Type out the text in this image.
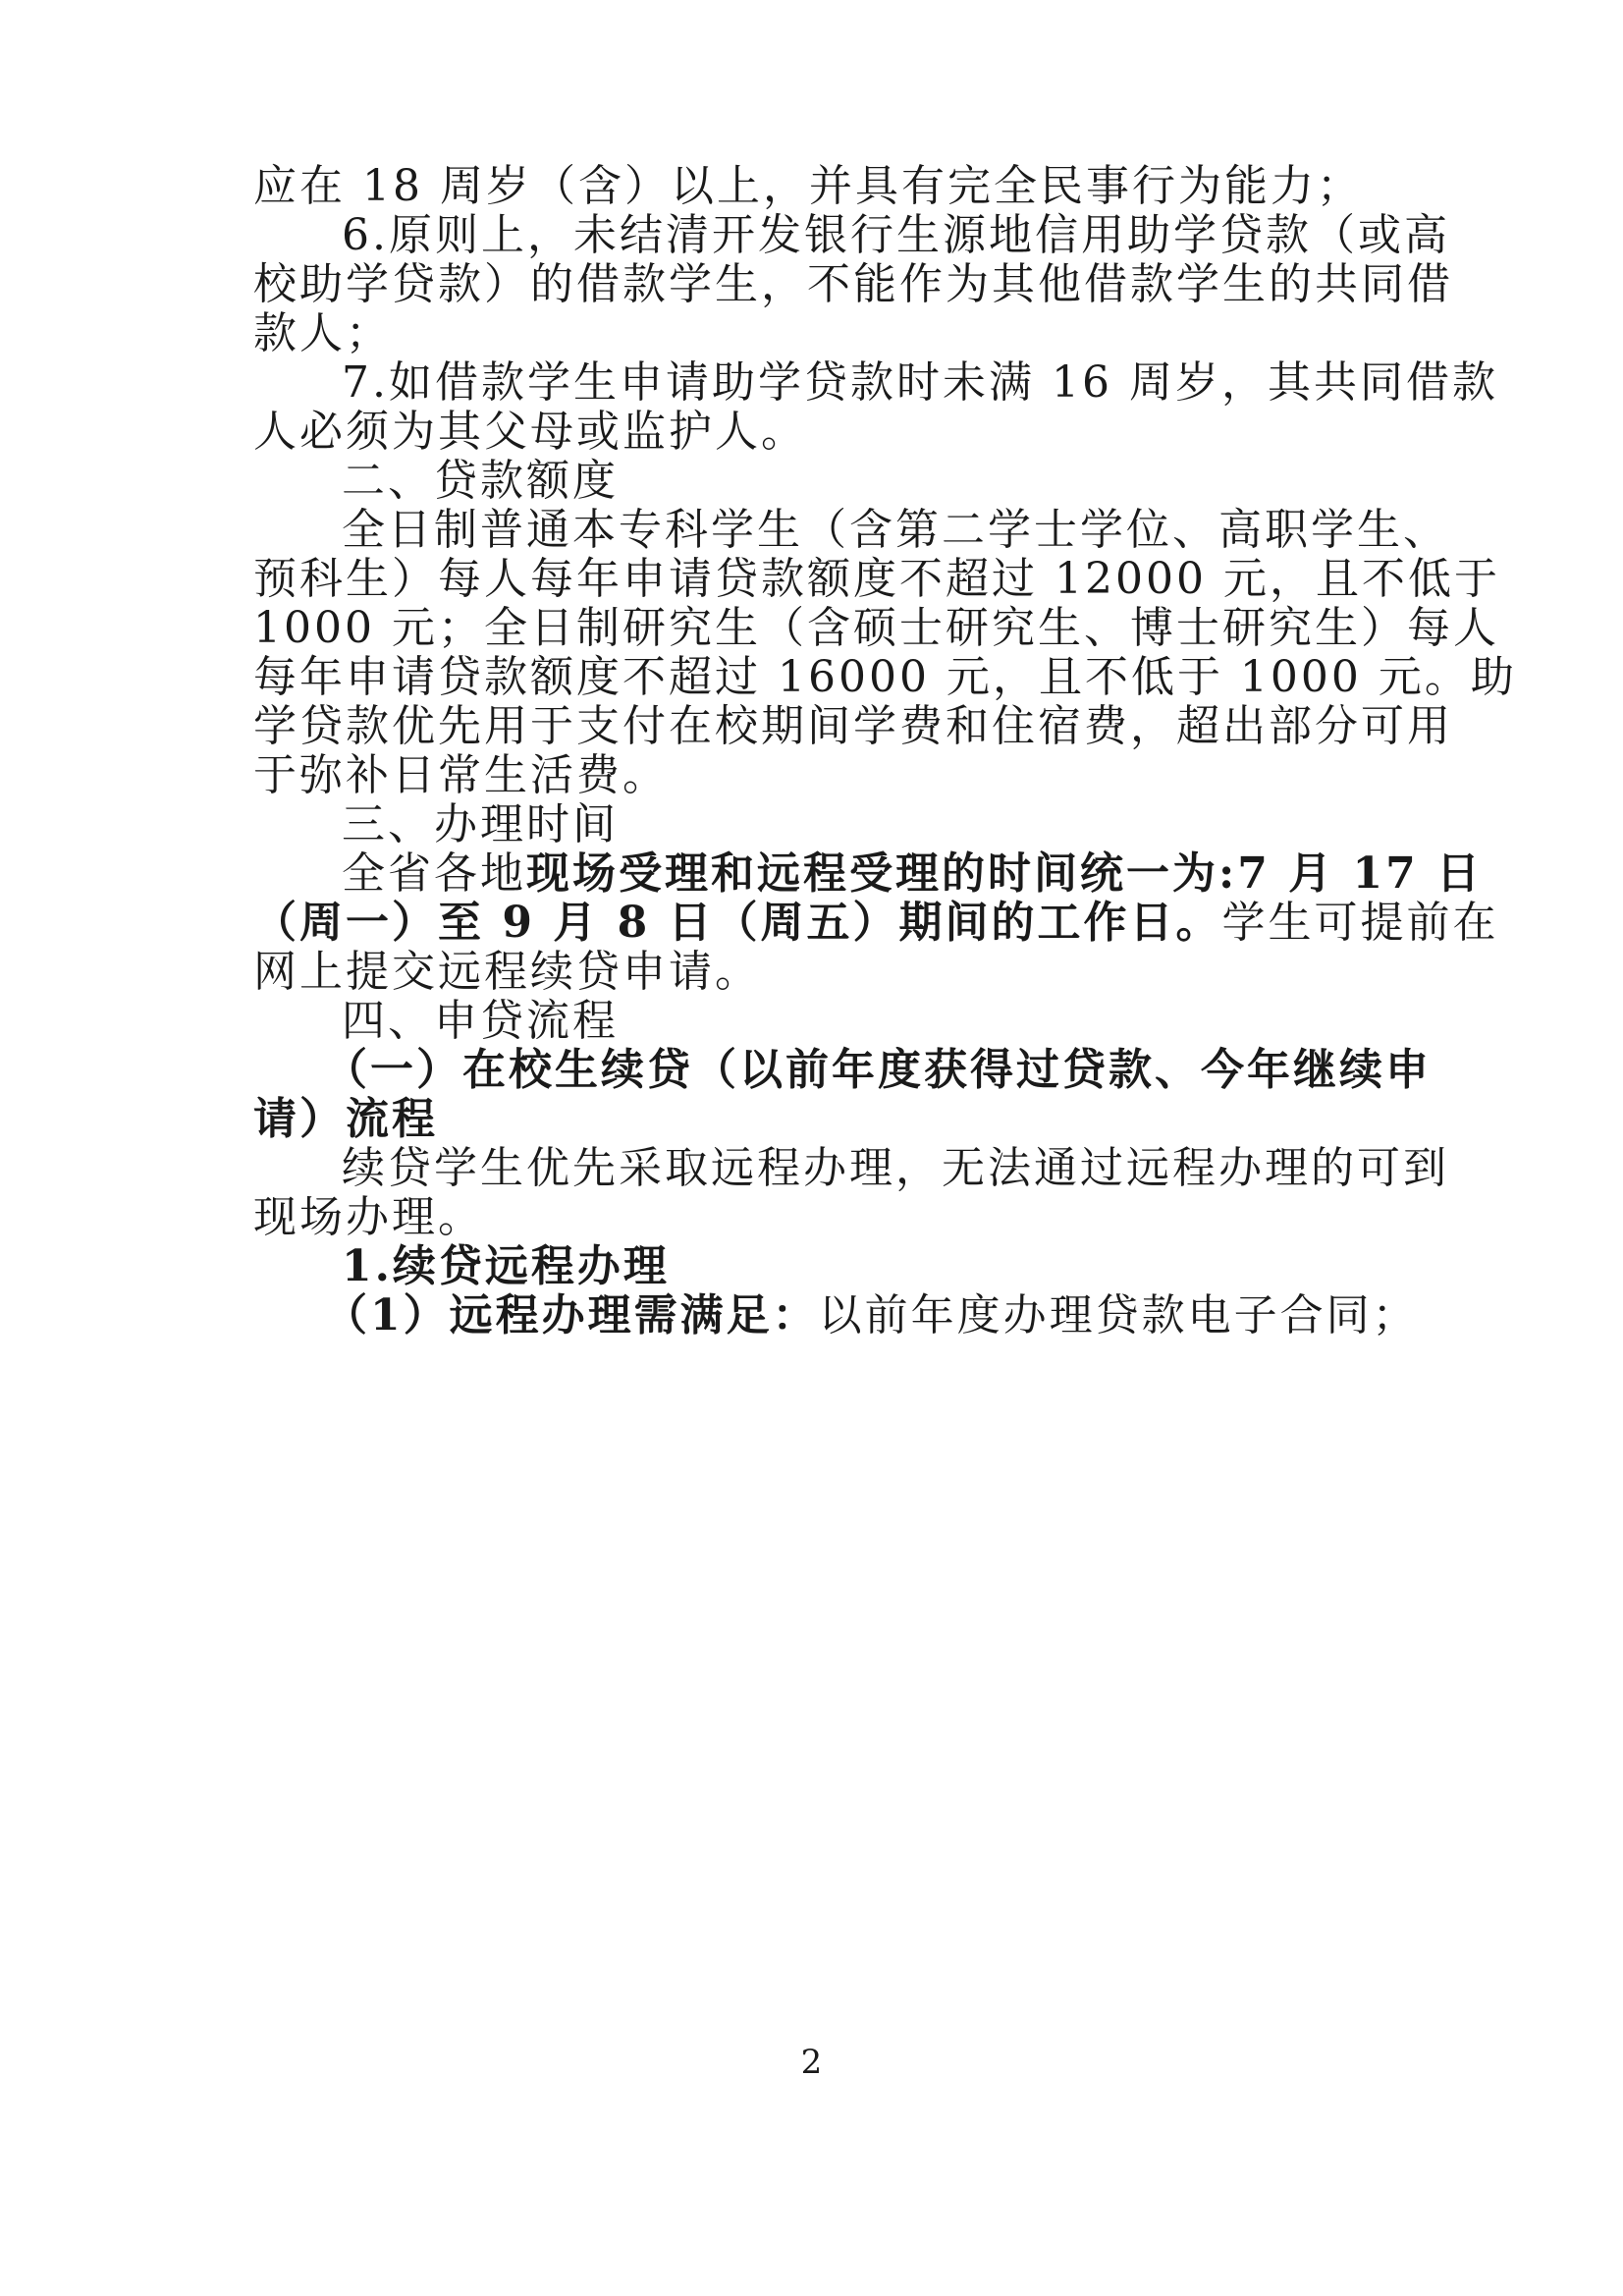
应在 18 周岁（含）以上，并具有完全民事行为能力；
6.原则上，未结清开发银行生源地信用助学贷款（或高
校助学贷款）的借款学生，不能作为其他借款学生的共同借
款人；
7.如借款学生申请助学贷款时未满 16 周岁，其共同借款
人必须为其父母或监护人。
二、贷款额度
全日制普通本专科学生（含第二学士学位、高职学生、
预科生）每人每年申请贷款额度不超过 12000 元，且不低于
1000 元；全日制研究生（含硕士研究生、博士研究生）每人
每年申请贷款额度不超过 16000 元，且不低于 1000 元。助
学贷款优先用于支付在校期间学费和住宿费，超出部分可用
于弥补日常生活费。
三、办理时间
全省各地现场受理和远程受理的时间统一为:7 月 17 日
（周一）至 9 月 8 日（周五）期间的工作日。学生可提前在
网上提交远程续贷申请。
四、申贷流程
（一）在校生续贷（以前年度获得过贷款、今年继续申
请）流程
续贷学生优先采取远程办理，无法通过远程办理的可到
现场办理。
1.续贷远程办理
（1）远程办理需满足：以前年度办理贷款电子合同；
2
